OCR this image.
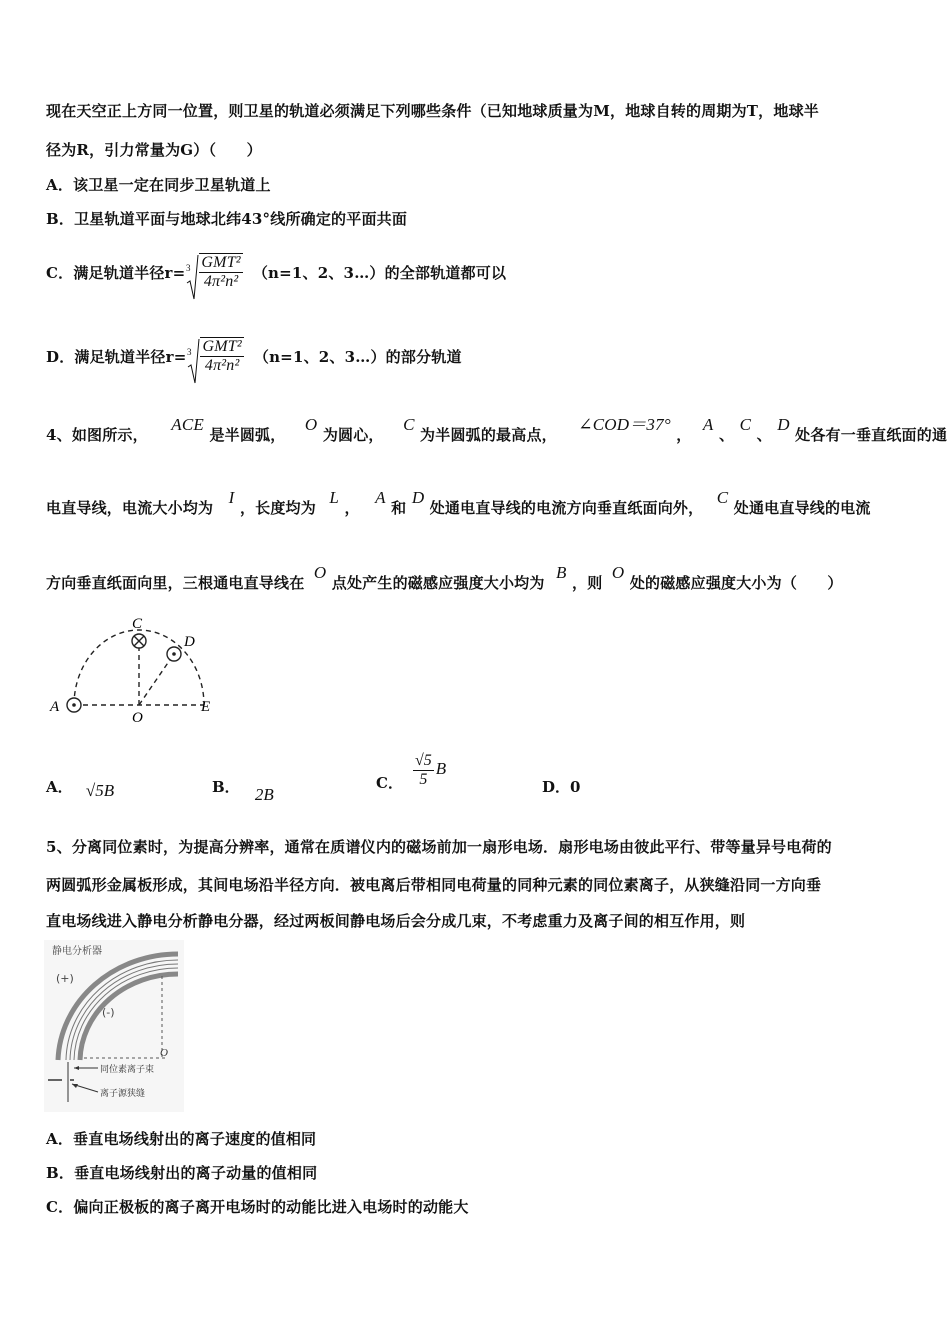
现在天空正上方同一位置，则卫星的轨道必须满足下列哪些条件（已知地球质量为M，地球自转的周期为T，地球半
径为R，引力常量为G）（　　）
A．该卫星一定在同步卫星轨道上
B．卫星轨道平面与地球北纬43°线所确定的平面共面
C．满足轨道半径$r= 3 \frac{\text{GMT²}}{\text{4π²n²}} (n=1$、2、3…）的全部轨道都可以
D．满足轨道半径$r= 3 \frac{\text{GMT²}}{\text{4π²n²}} (n=1$、2、3…）的部分轨道
4、如图所示， ACE 是半圆弧， O 为圆心， C 为半圆弧的最高点， ∠COD＝37° ， A 、 C 、 D 处各有一垂直纸面的通
电直导线，电流大小均为 I ，长度均为 L ， A 和 D 处通电直导线的电流方向垂直纸面向外， C 处通电直导线的电流
方向垂直纸面向里，三根通电直导线在 O 点处产生的磁感应强度大小均为 B ，则 O 处的磁感应强度大小为（　　）
C
D
A
O
E
A． √5B	B． 2B
C． $\frac{√5}{5}$ B
D．0
5、分离同位素时，为提高分辨率，通常在质谱仪内的磁场前加一扇形电场．扇形电场由彼此平行、带等量异号电荷的
两圆弧形金属板形成，其间电场沿半径方向．被电离后带相同电荷量的同种元素的同位素离子，从狭缝沿同一方向垂
直电场线进入静电分析静电分器，经过两板间静电场后会分成几束，不考虑重力及离子间的相互作用，则
静电分析器
(+)
(-)
O
同位素离子束
离子源狭缝
A．垂直电场线射出的离子速度的值相同
B．垂直电场线射出的离子动量的值相同
C．偏向正极板的离子离开电场时的动能比进入电场时的动能大
